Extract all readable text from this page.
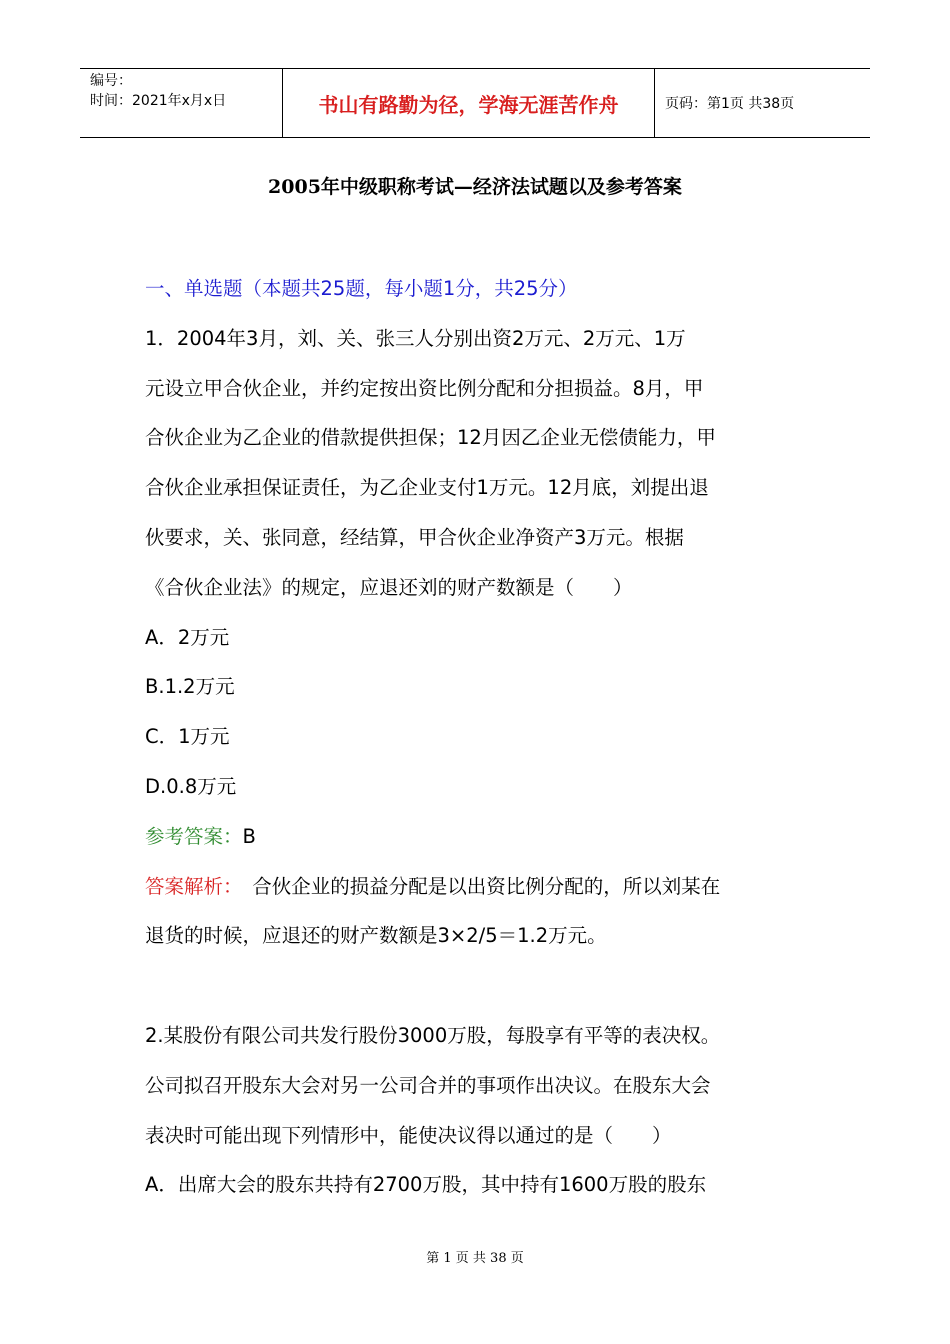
编号：
时间：2021年x月x日	书山有路勤为径，学海无涯苦作舟	页码：第1页 共38页
2005年中级职称考试—经济法试题以及参考答案
一、单选题（本题共25题，每小题1分，共25分）
1．2004年3月，刘、关、张三人分别出资2万元、2万元、1万
元设立甲合伙企业，并约定按出资比例分配和分担损益。8月，甲
合伙企业为乙企业的借款提供担保；12月因乙企业无偿债能力，甲
合伙企业承担保证责任，为乙企业支付1万元。12月底，刘提出退
伙要求，关、张同意，经结算，甲合伙企业净资产3万元。根据
《合伙企业法》的规定，应退还刘的财产数额是（　　）
A．2万元
B.1.2万元
C．1万元
D.0.8万元
参考答案：B
答案解析：　合伙企业的损益分配是以出资比例分配的，所以刘某在
退货的时候，应退还的财产数额是3×2/5＝1.2万元。
2.某股份有限公司共发行股份3000万股，每股享有平等的表决权。
公司拟召开股东大会对另一公司合并的事项作出决议。在股东大会
表决时可能出现下列情形中，能使决议得以通过的是（　　）
A．出席大会的股东共持有2700万股，其中持有1600万股的股东
第 1 页 共 38 页
